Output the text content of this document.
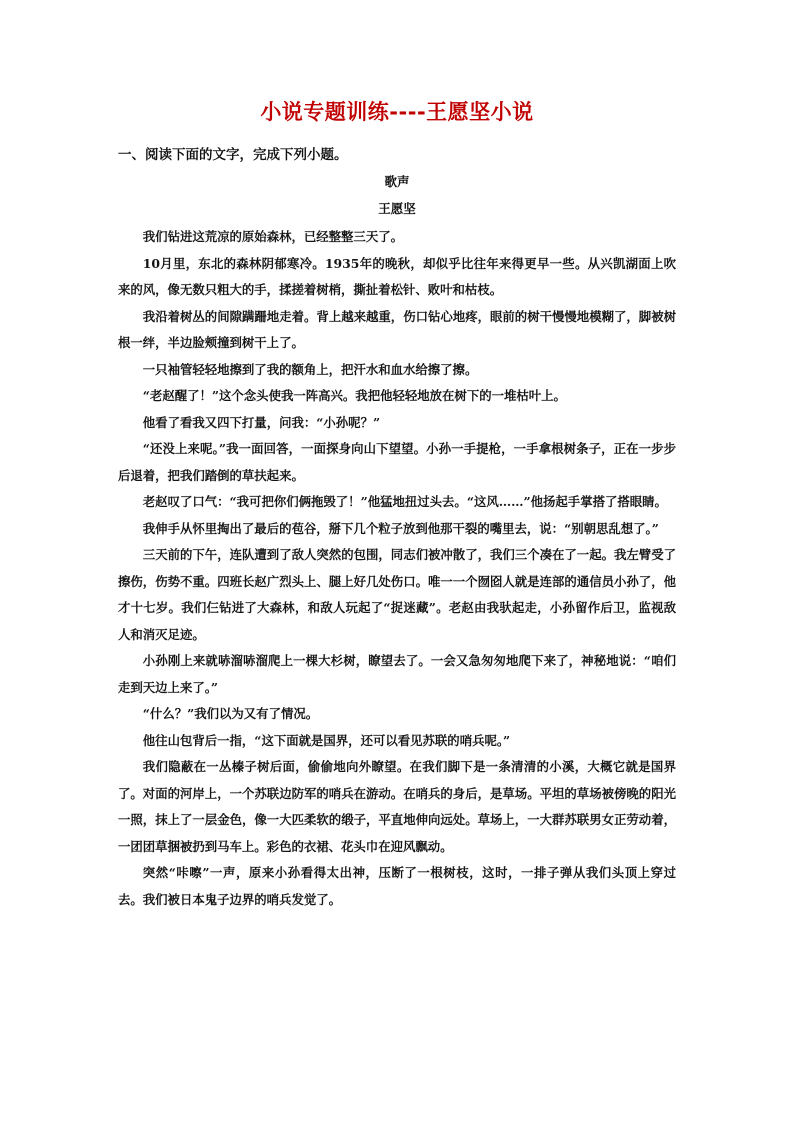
小说专题训练----王愿坚小说
一、阅读下面的文字，完成下列小题。
歌声
王愿坚

我们钻进这荒凉的原始森林，已经整整三天了。

10月里，东北的森林阴郁寒冷。1935年的晚秋，却似乎比往年来得更早一些。从兴凯湖面上吹来的风，像无数只粗大的手，揉搓着树梢，撕扯着松针、败叶和枯枝。

我沿着树丛的间隙蹒跚地走着。背上越来越重，伤口钻心地疼，眼前的树干慢慢地模糊了，脚被树根一绊，半边脸颊撞到树干上了。

一只袖管轻轻地擦到了我的额角上，把汗水和血水给擦了擦。

“老赵醒了！”这个念头使我一阵高兴。我把他轻轻地放在树下的一堆枯叶上。

他看了看我又四下打量，问我：“小孙呢？”

“还没上来呢。”我一面回答，一面探身向山下望望。小孙一手提枪，一手拿根树条子，正在一步步后退着，把我们踏倒的草扶起来。

老赵叹了口气：“我可把你们俩拖毁了！”他猛地扭过头去。“这风……”他扬起手掌搭了搭眼睛。

我伸手从怀里掏出了最后的苞谷，掰下几个粒子放到他那干裂的嘴里去，说：“别朝思乱想了。”

三天前的下午，连队遭到了敌人突然的包围，同志们被冲散了，我们三个凑在了一起。我左臂受了擦伤，伤势不重。四班长赵广烈头上、腿上好几处伤口。唯一一个囫囵人就是连部的通信员小孙了，他才十七岁。我们仨钻进了大森林，和敌人玩起了“捉迷藏”。老赵由我驮起走，小孙留作后卫，监视敌人和消灭足迹。

小孙刚上来就哧溜哧溜爬上一棵大杉树，瞭望去了。一会又急匆匆地爬下来了，神秘地说：“咱们走到天边上来了。”

“什么？”我们以为又有了情况。

他往山包背后一指，“这下面就是国界，还可以看见苏联的哨兵呢。”

我们隐蔽在一丛榛子树后面，偷偷地向外瞭望。在我们脚下是一条清清的小溪，大概它就是国界了。对面的河岸上，一个苏联边防军的哨兵在游动。在哨兵的身后，是草场。平坦的草场被傍晚的阳光一照，抹上了一层金色，像一大匹柔软的缎子，平直地伸向远处。草场上，一大群苏联男女正劳动着，一团团草捆被扔到马车上。彩色的衣裙、花头巾在迎风飘动。

突然“咔嚓”一声，原来小孙看得太出神，压断了一根树枝，这时，一排子弹从我们头顶上穿过去。我们被日本鬼子边界的哨兵发觉了。
